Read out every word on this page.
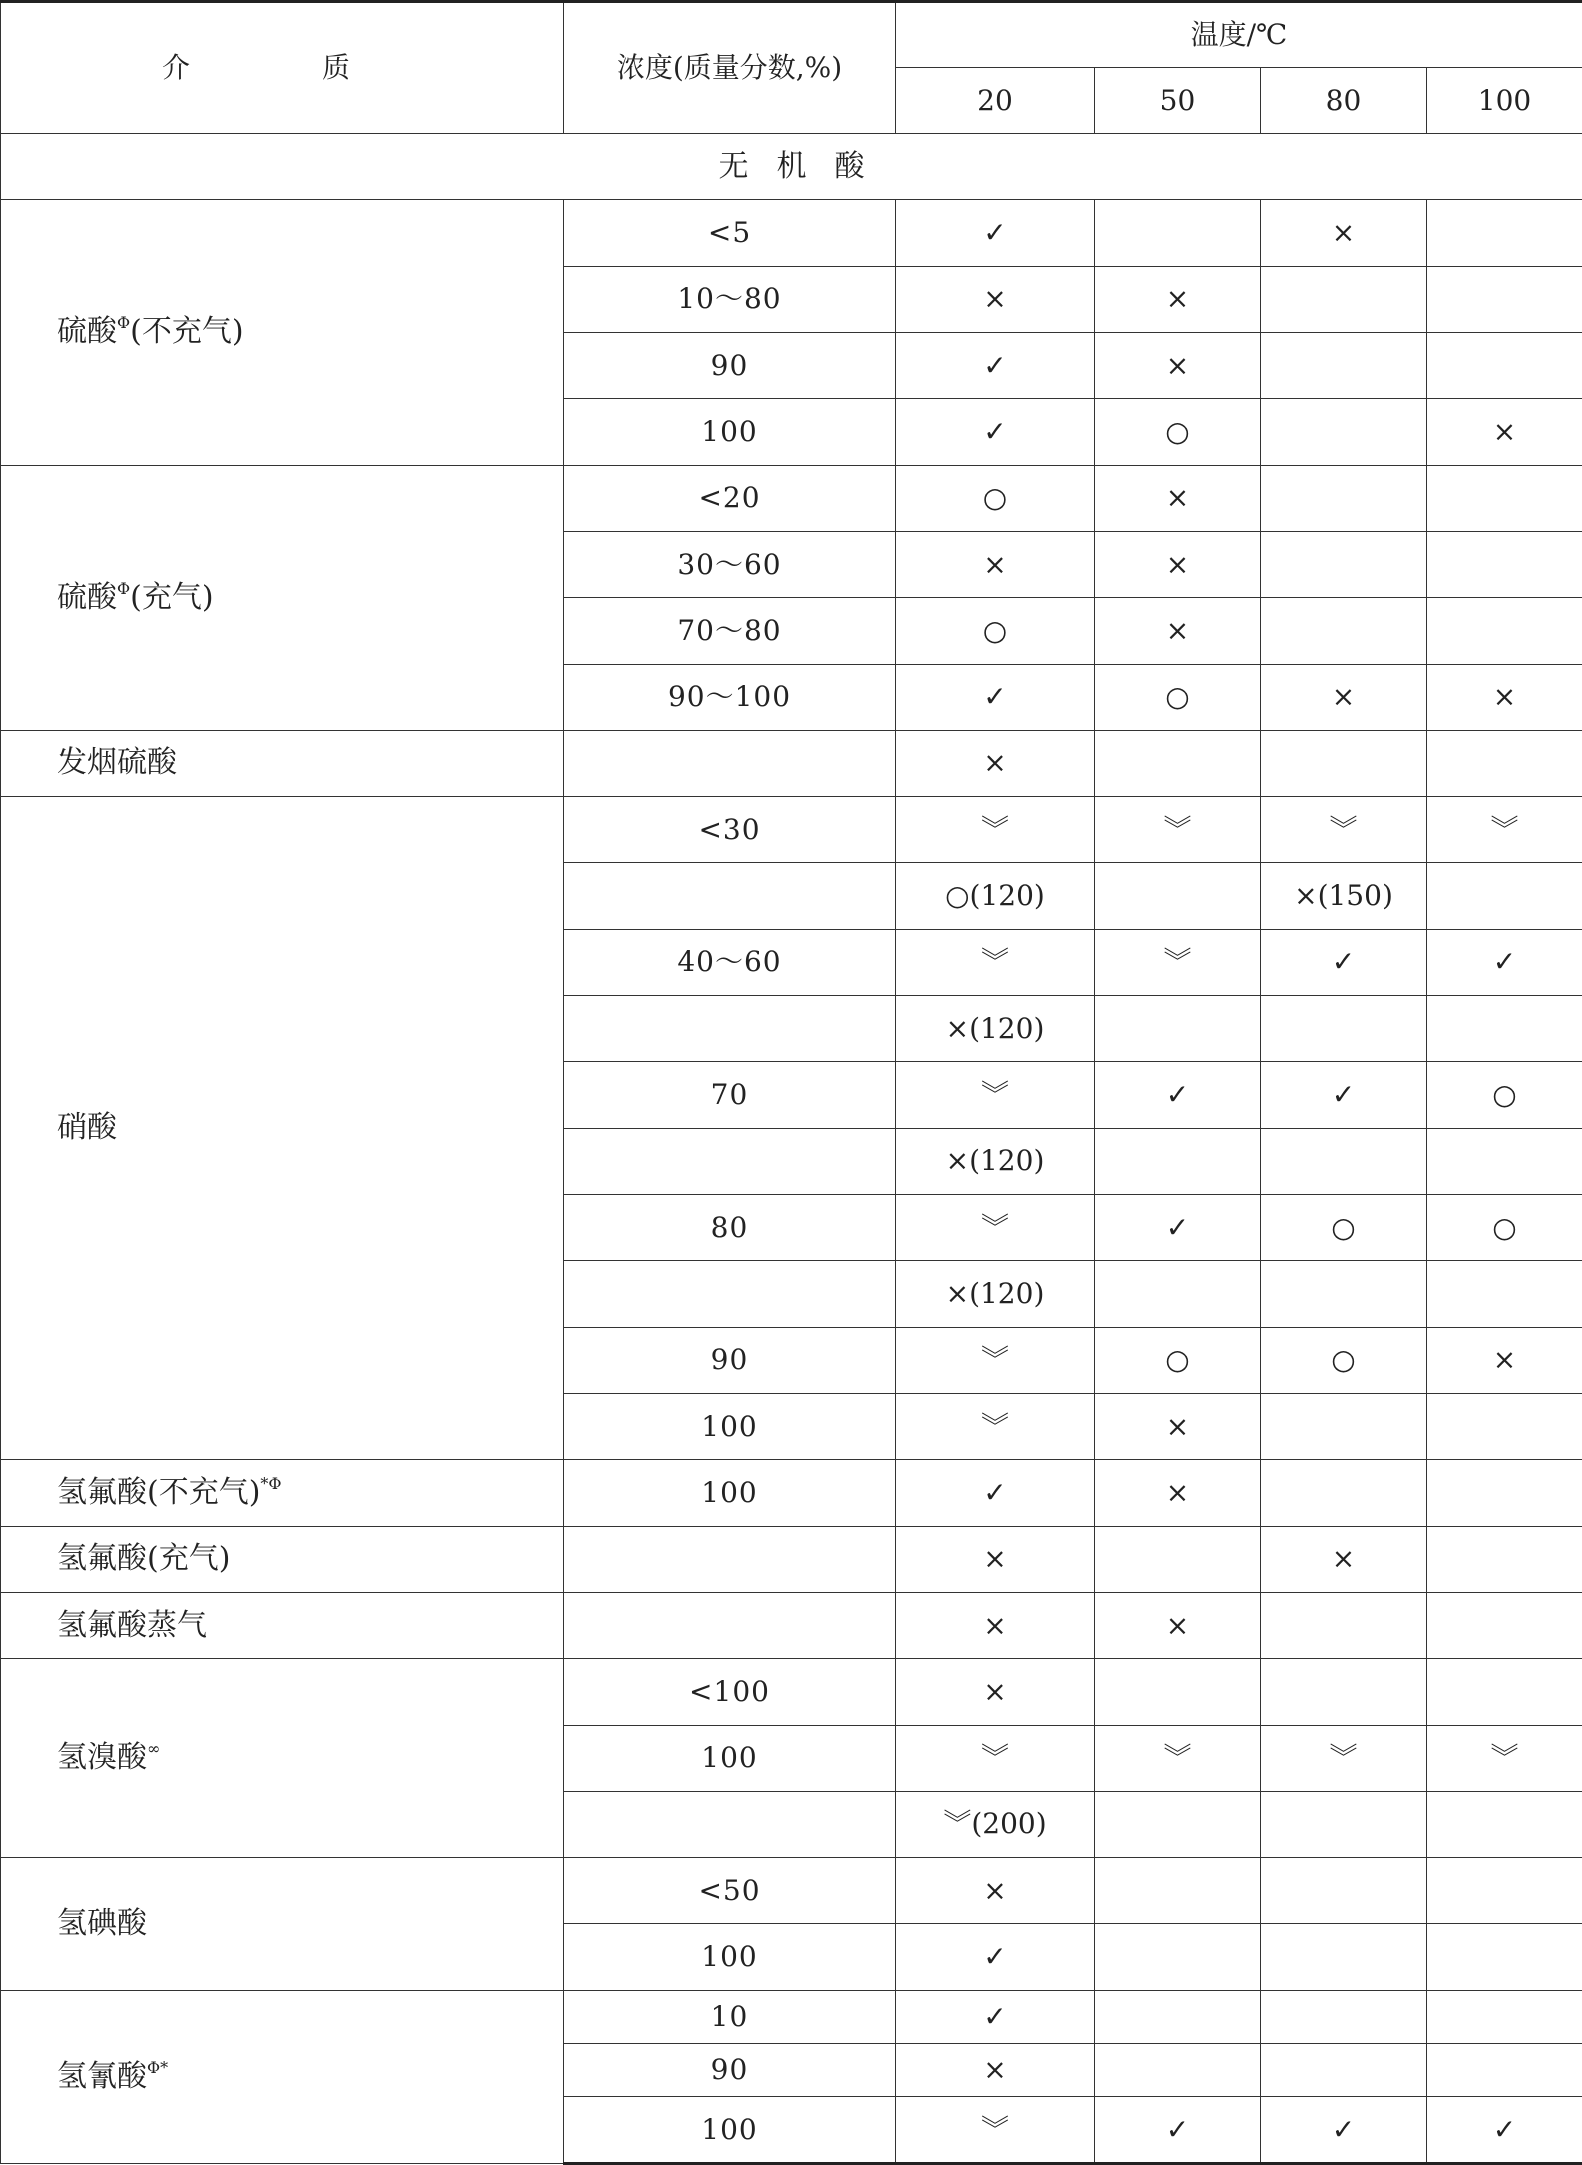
介　质	浓度(质量分数,%)	温度/℃			
		20	50	80	100
无机酸					
硫酸$^\Phi$(不充气)	<5	✓		×	
	10～80	×	×		
	90	✓	×		
	100	✓	○		×
硫酸$^\Phi$(充气)	<20	○	×		
	30～60	×	×		
	70～80	○	×		
	90～100	✓	○	×	×
发烟硫酸		×			
硝酸	<30	︾	︾	︾	︾
		○(120)		×(150)	
	40～60	︾	︾	✓	✓
		×(120)			
	70	︾	✓	✓	○
		×(120)			
	80	︾	✓	○	○
		×(120)			
	90	︾	○	○	×
	100	︾	×		
氢氟酸(不充气)$^{*\Phi}$	100	✓	×		
氢氟酸(充气)		×		×	
氢氟酸蒸气		×	×		
氢溴酸∞	<100	×			
	100	︾	︾	︾	︾
		︾(200)			
氢碘酸	<50	×			
	100	✓			
氢氰酸$^{\Phi*}$	10	✓			
	90	×			
	100	︾	✓	✓	✓
